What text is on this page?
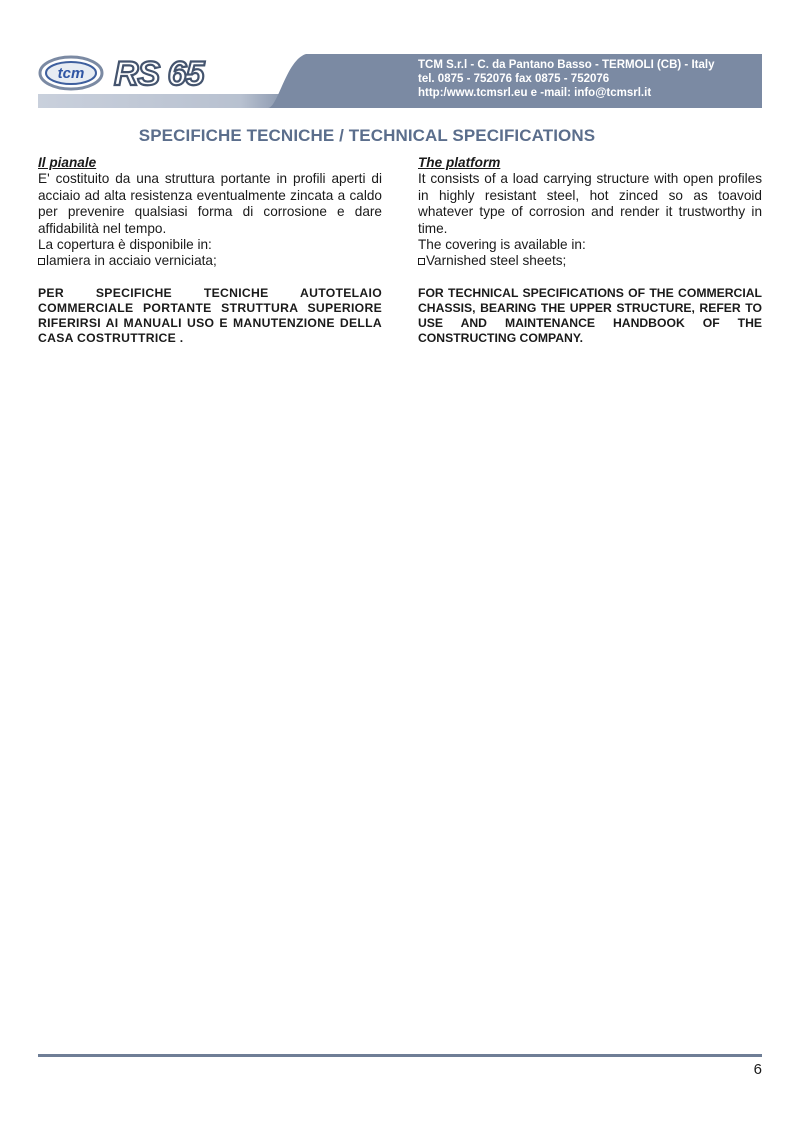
tcm RS 65	TCM S.r.l - C. da Pantano Basso - TERMOLI (CB) - Italy
tel. 0875 - 752076 fax 0875 - 752076
http:/www.tcmsrl.eu e -mail: info@tcmsrl.it
SPECIFICHE TECNICHE / TECHNICAL SPECIFICATIONS
Il pianale
E' costituito da una struttura portante in profili aperti di acciaio ad alta resistenza eventualmente zincata a caldo per prevenire qualsiasi forma di corrosione e dare affidabilità nel tempo.
La copertura è disponibile in:
lamiera in acciaio verniciata;
PER SPECIFICHE TECNICHE AUTOTELAIO COMMERCIALE PORTANTE STRUTTURA SUPERIORE RIFERIRSI AI MANUALI USO E MANUTENZIONE DELLA CASA COSTRUTTRICE .
The platform
It consists of a load carrying structure with open profiles in highly resistant steel, hot zinced so as toavoid whatever type of corrosion and render it trustworthy in time.
The covering is available in:
Varnished steel sheets;
FOR TECHNICAL SPECIFICATIONS OF THE COMMERCIAL CHASSIS, BEARING THE UPPER STRUCTURE, REFER TO USE AND MAINTENANCE HANDBOOK OF THE CONSTRUCTING COMPANY.
6
